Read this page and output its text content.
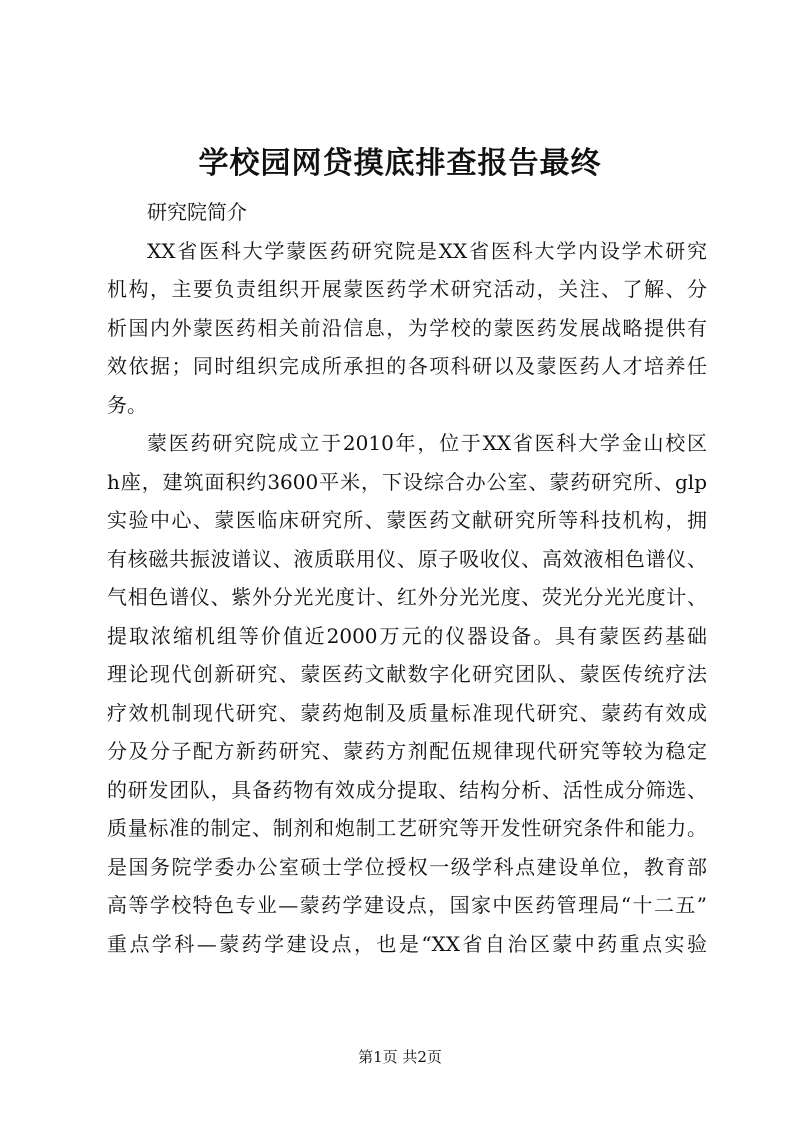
学校园网贷摸底排查报告最终
研究院简介
XX省医科大学蒙医药研究院是XX省医科大学内设学术研究
机构，主要负责组织开展蒙医药学术研究活动，关注、了解、分
析国内外蒙医药相关前沿信息，为学校的蒙医药发展战略提供有
效依据；同时组织完成所承担的各项科研以及蒙医药人才培养任
务。
蒙医药研究院成立于2010年，位于XX省医科大学金山校区
h座，建筑面积约3600平米，下设综合办公室、蒙药研究所、glp
实验中心、蒙医临床研究所、蒙医药文献研究所等科技机构，拥
有核磁共振波谱议、液质联用仪、原子吸收仪、高效液相色谱仪、
气相色谱仪、紫外分光光度计、红外分光光度、荧光分光光度计、
提取浓缩机组等价值近2000万元的仪器设备。具有蒙医药基础
理论现代创新研究、蒙医药文献数字化研究团队、蒙医传统疗法
疗效机制现代研究、蒙药炮制及质量标准现代研究、蒙药有效成
分及分子配方新药研究、蒙药方剂配伍规律现代研究等较为稳定
的研发团队，具备药物有效成分提取、结构分析、活性成分筛选、
质量标准的制定、制剂和炮制工艺研究等开发性研究条件和能力。
是国务院学委办公室硕士学位授权一级学科点建设单位，教育部
高等学校特色专业—蒙药学建设点，国家中医药管理局“十二五”
重点学科—蒙药学建设点，也是“XX省自治区蒙中药重点实验
第1页 共2页
